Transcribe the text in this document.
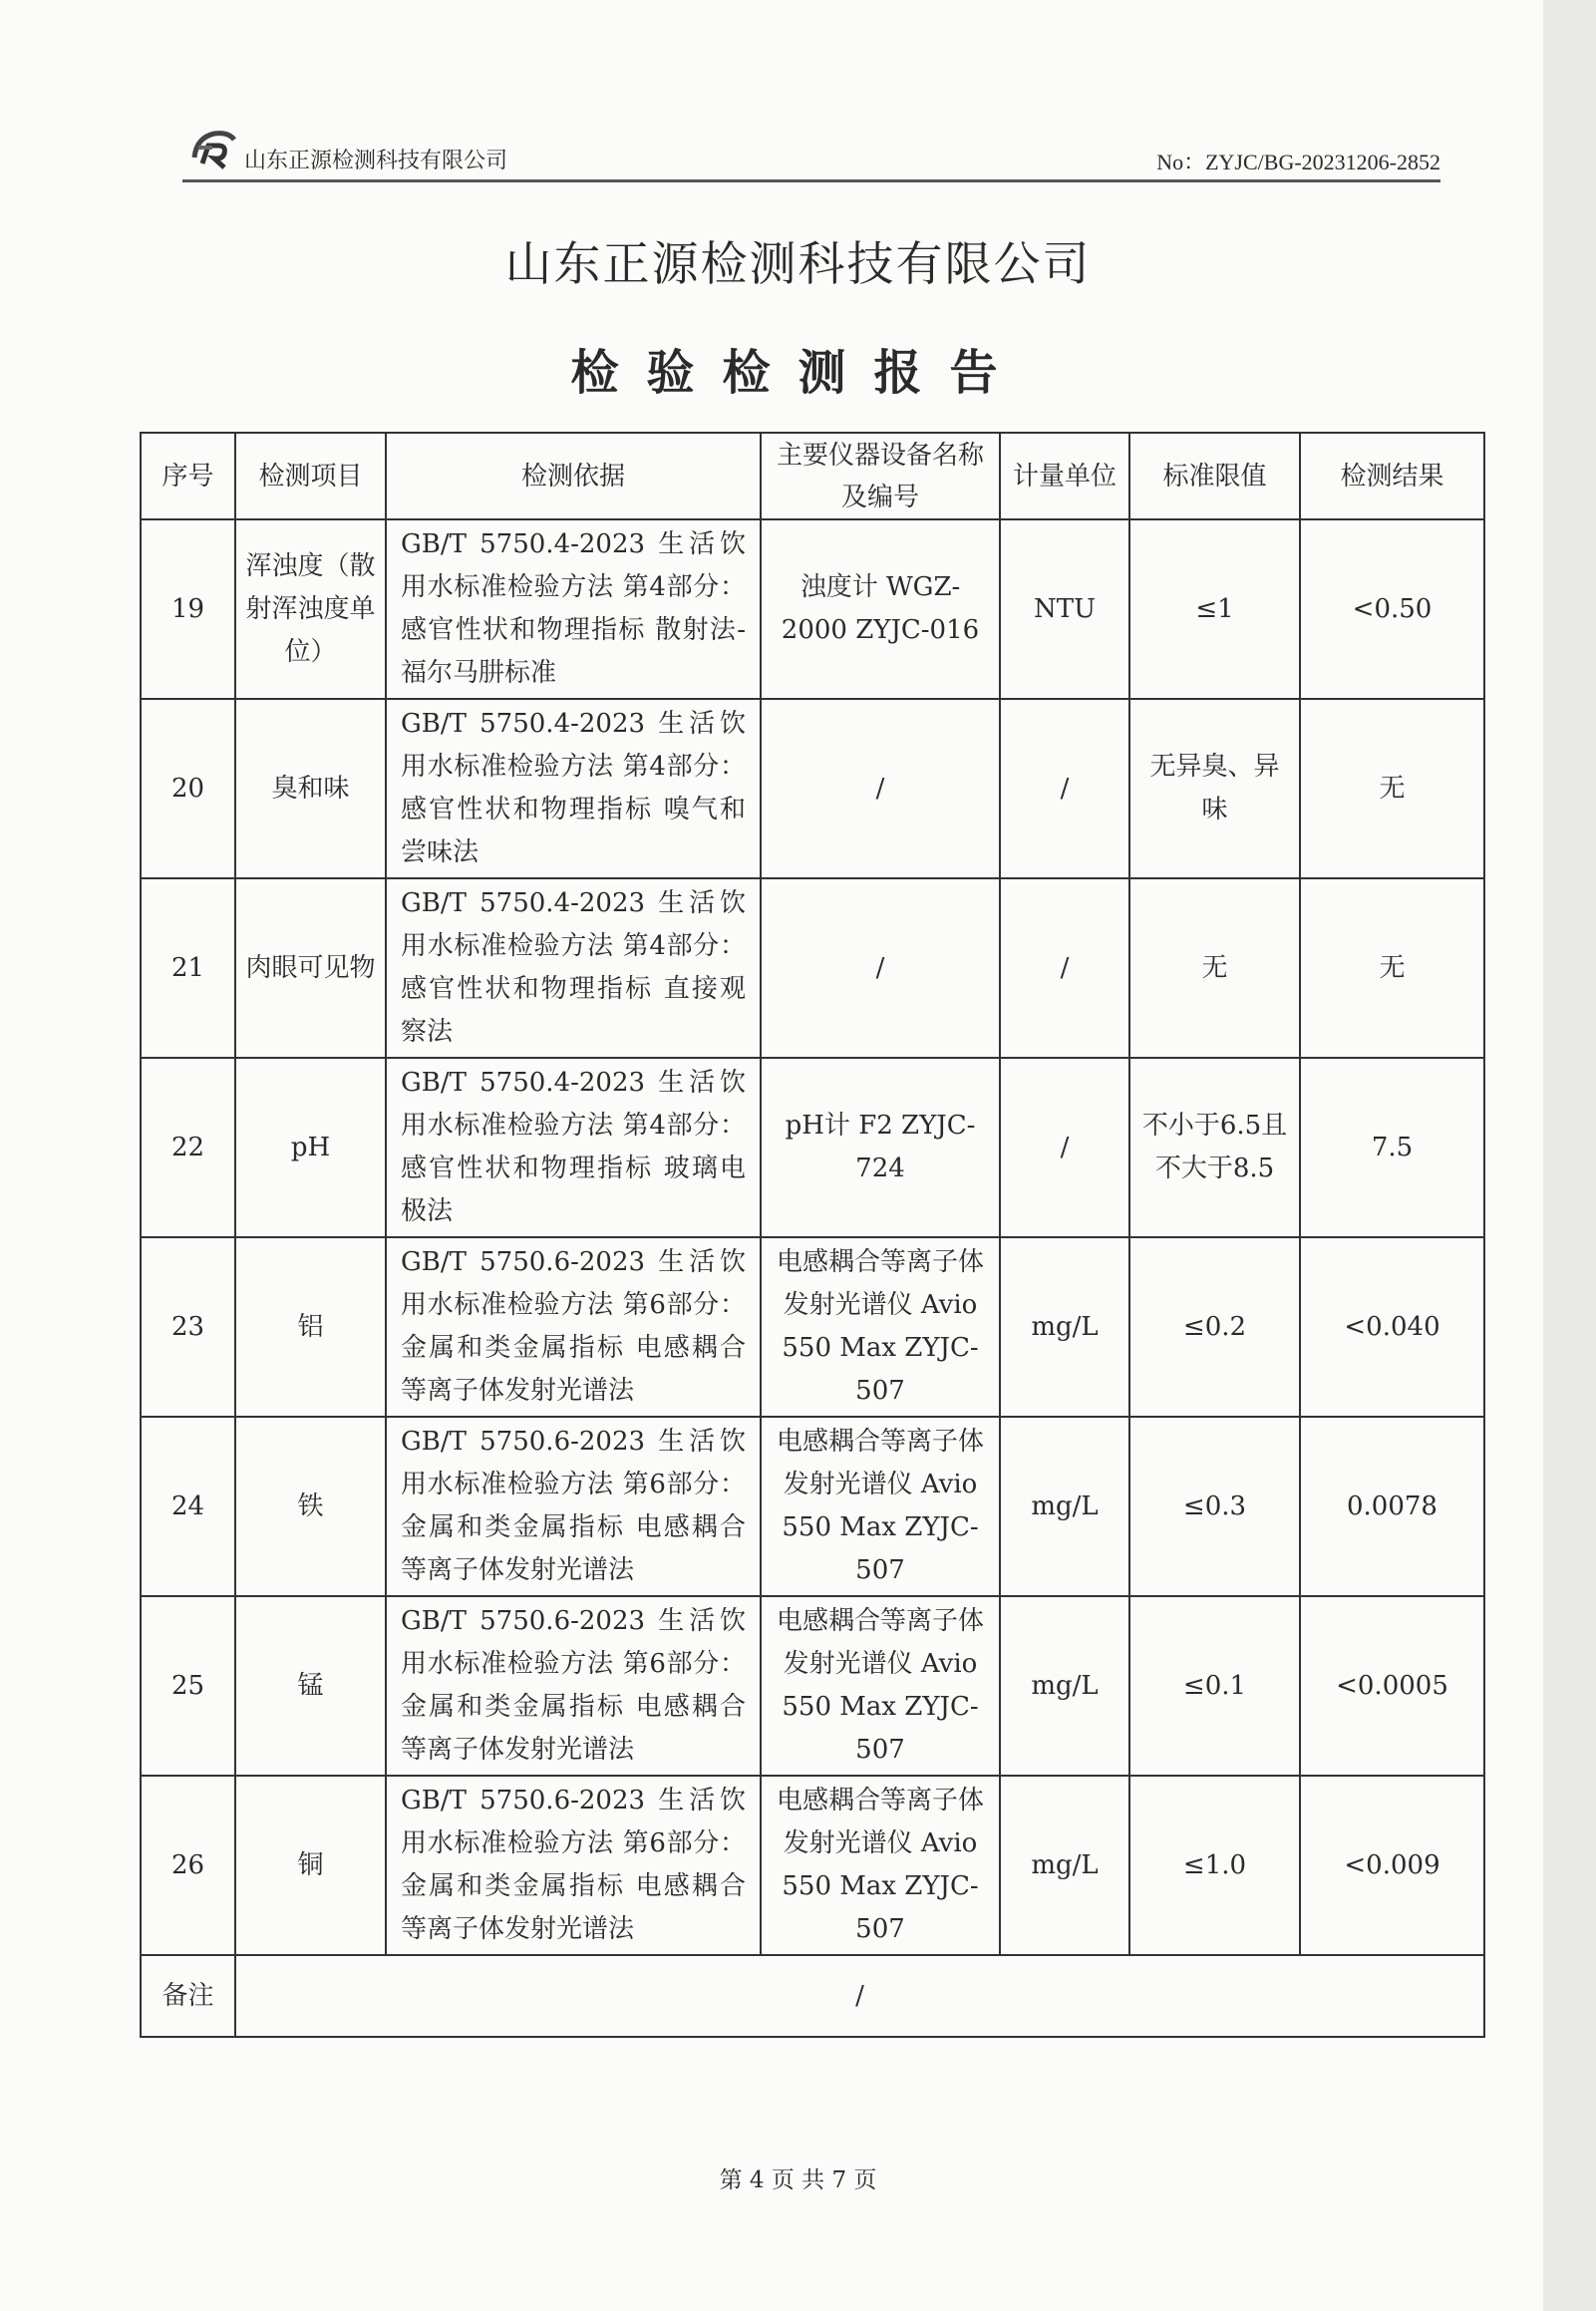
山东正源检测科技有限公司	No：ZYJC/BG-20231206-2852
山东正源检测科技有限公司
检验检测报告
序号	检测项目	检测依据	主要仪器设备名称及编号	计量单位	标准限值	检测结果
19	浑浊度（散射浑浊度单位）	GB/T 5750.4-2023 生活饮用水标准检验方法 第4部分：感官性状和物理指标 散射法-福尔马肼标准	浊度计 WGZ-2000 ZYJC-016	NTU	≤1	<0.50
20	臭和味	GB/T 5750.4-2023 生活饮用水标准检验方法 第4部分：感官性状和物理指标 嗅气和尝味法	/	/	无异臭、异味	无
21	肉眼可见物	GB/T 5750.4-2023 生活饮用水标准检验方法 第4部分：感官性状和物理指标 直接观察法	/	/	无	无
22	pH	GB/T 5750.4-2023 生活饮用水标准检验方法 第4部分：感官性状和物理指标 玻璃电极法	pH计 F2 ZYJC-724	/	不小于6.5且不大于8.5	7.5
23	铝	GB/T 5750.6-2023 生活饮用水标准检验方法 第6部分：金属和类金属指标 电感耦合等离子体发射光谱法	电感耦合等离子体发射光谱仪 Avio 550 Max ZYJC-507	mg/L	≤0.2	<0.040
24	铁	GB/T 5750.6-2023 生活饮用水标准检验方法 第6部分：金属和类金属指标 电感耦合等离子体发射光谱法	电感耦合等离子体发射光谱仪 Avio 550 Max ZYJC-507	mg/L	≤0.3	0.0078
25	锰	GB/T 5750.6-2023 生活饮用水标准检验方法 第6部分：金属和类金属指标 电感耦合等离子体发射光谱法	电感耦合等离子体发射光谱仪 Avio 550 Max ZYJC-507	mg/L	≤0.1	<0.0005
26	铜	GB/T 5750.6-2023 生活饮用水标准检验方法 第6部分：金属和类金属指标 电感耦合等离子体发射光谱法	电感耦合等离子体发射光谱仪 Avio 550 Max ZYJC-507	mg/L	≤1.0	<0.009
备注	/					
第 4 页 共 7 页
